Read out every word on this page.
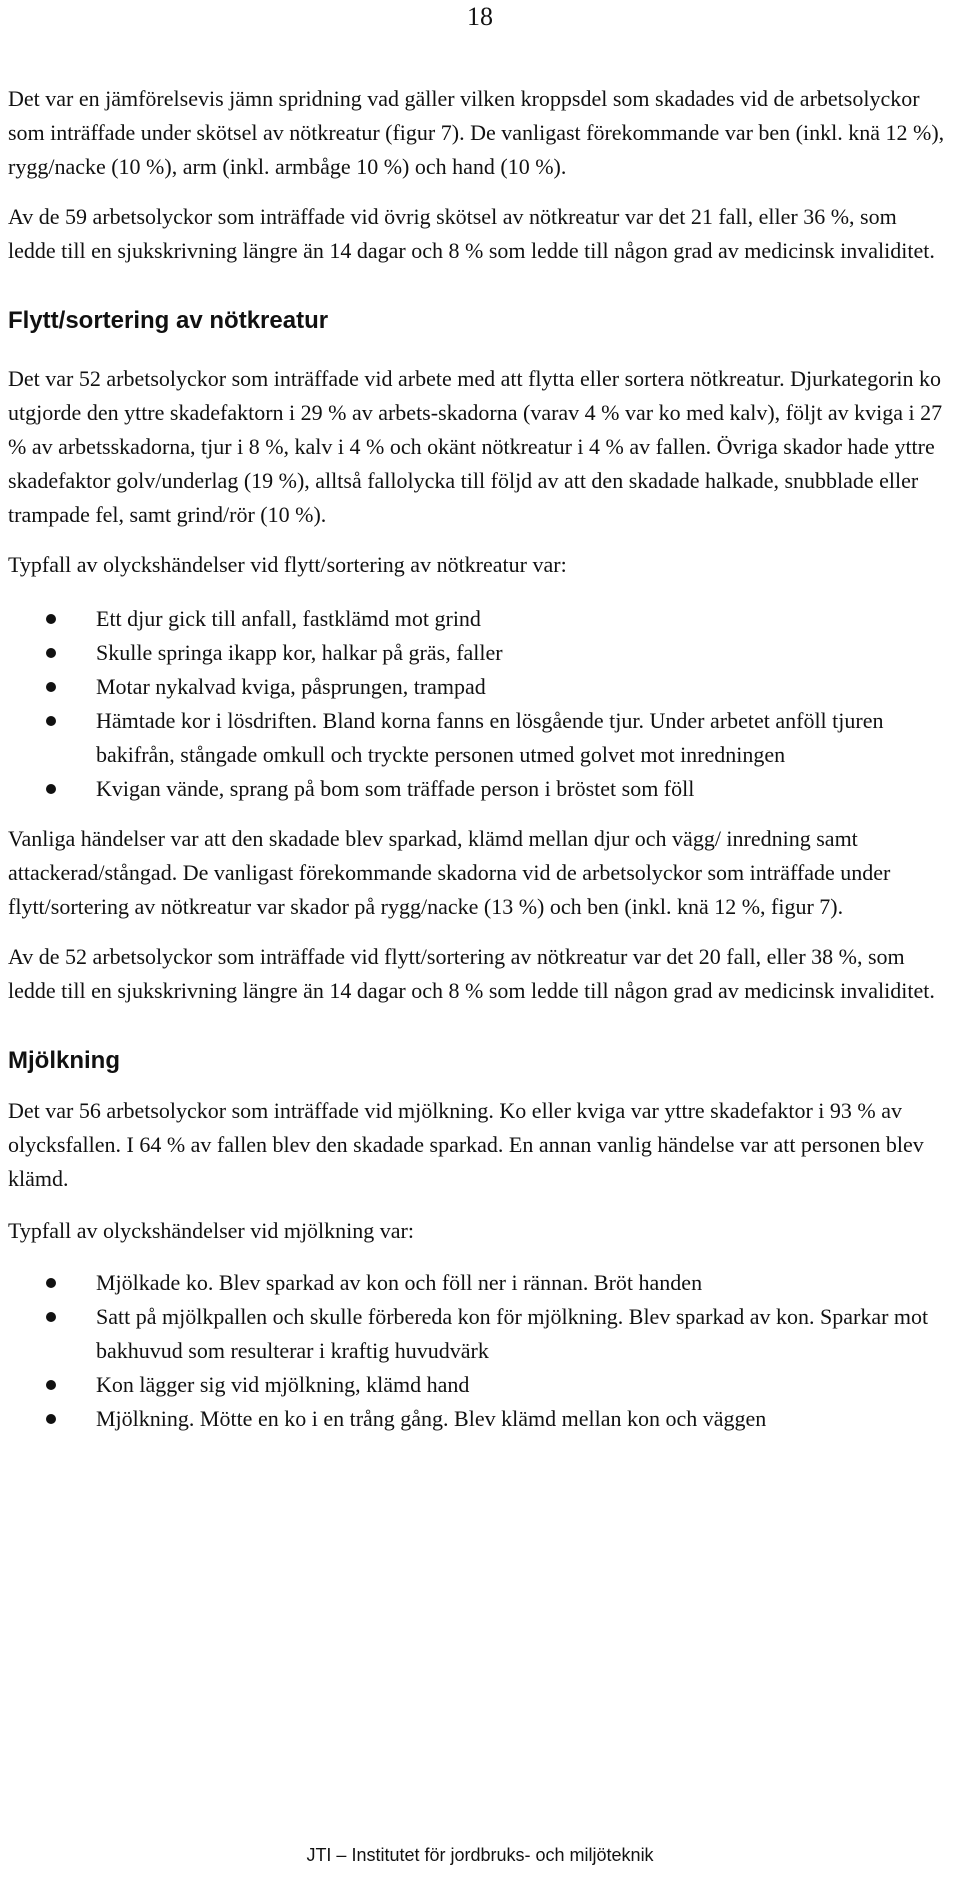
18

Det var en jämförelsevis jämn spridning vad gäller vilken kroppsdel som skadades vid de arbetsolyckor som inträffade under skötsel av nötkreatur (figur 7). De vanligast förekommande var ben (inkl. knä 12 %), rygg/nacke (10 %), arm (inkl. armbåge 10 %) och hand (10 %).

Av de 59 arbetsolyckor som inträffade vid övrig skötsel av nötkreatur var det 21 fall, eller 36 %, som ledde till en sjukskrivning längre än 14 dagar och 8 % som ledde till någon grad av medicinsk invaliditet.

Flytt/sortering av nötkreatur

Det var 52 arbetsolyckor som inträffade vid arbete med att flytta eller sortera nötkreatur. Djurkategorin ko utgjorde den yttre skadefaktorn i 29 % av arbets-skadorna (varav 4 % var ko med kalv), följt av kviga i 27 % av arbetsskadorna, tjur i 8 %, kalv i 4 % och okänt nötkreatur i 4 % av fallen. Övriga skador hade yttre skadefaktor golv/underlag (19 %), alltså fallolycka till följd av att den skadade halkade, snubblade eller trampade fel, samt grind/rör (10 %).

Typfall av olyckshändelser vid flytt/sortering av nötkreatur var:

Ett djur gick till anfall, fastklämd mot grind
Skulle springa ikapp kor, halkar på gräs, faller
Motar nykalvad kviga, påsprungen, trampad
Hämtade kor i lösdriften. Bland korna fanns en lösgående tjur. Under arbetet anföll tjuren bakifrån, stångade omkull och tryckte personen utmed golvet mot inredningen
Kvigan vände, sprang på bom som träffade person i bröstet som föll

Vanliga händelser var att den skadade blev sparkad, klämd mellan djur och vägg/ inredning samt attackerad/stångad. De vanligast förekommande skadorna vid de arbetsolyckor som inträffade under flytt/sortering av nötkreatur var skador på rygg/nacke (13 %) och ben (inkl. knä 12 %, figur 7).

Av de 52 arbetsolyckor som inträffade vid flytt/sortering av nötkreatur var det 20 fall, eller 38 %, som ledde till en sjukskrivning längre än 14 dagar och 8 % som ledde till någon grad av medicinsk invaliditet.

Mjölkning

Det var 56 arbetsolyckor som inträffade vid mjölkning. Ko eller kviga var yttre skadefaktor i 93 % av olycksfallen. I 64 % av fallen blev den skadade sparkad. En annan vanlig händelse var att personen blev klämd.

Typfall av olyckshändelser vid mjölkning var:

Mjölkade ko. Blev sparkad av kon och föll ner i rännan. Bröt handen
Satt på mjölkpallen och skulle förbereda kon för mjölkning. Blev sparkad av kon. Sparkar mot bakhuvud som resulterar i kraftig huvudvärk
Kon lägger sig vid mjölkning, klämd hand
Mjölkning. Mötte en ko i en trång gång. Blev klämd mellan kon och väggen
JTI – Institutet för jordbruks- och miljöteknik
